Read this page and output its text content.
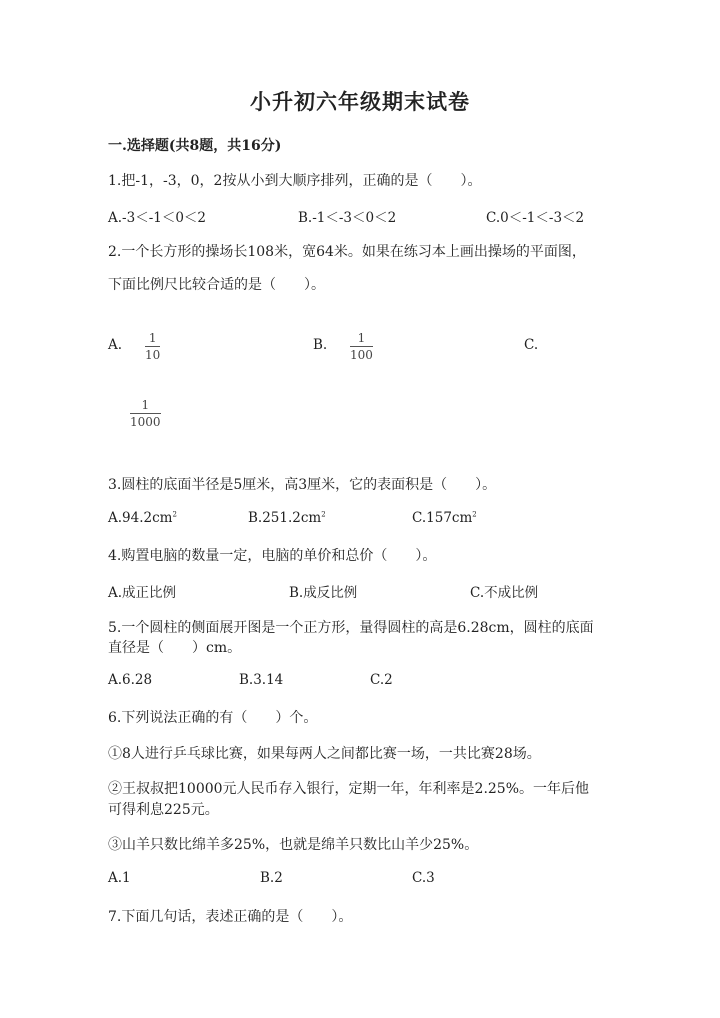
小升初六年级期末试卷
一.选择题(共8题，共16分)
1.把-1，-3，0，2按从小到大顺序排列，正确的是（　　）。
A.-3＜-1＜0＜2	B.-1＜-3＜0＜2	C.0＜-1＜-3＜2
2.一个长方形的操场长108米，宽64米。如果在练习本上画出操场的平面图，
下面比例尺比较合适的是（　　）。
A. 1
10
B.	1
100
C.
1
1000
3.圆柱的底面半径是5厘米，高3厘米，它的表面积是（　　）。
$A.94.2cm^2$	$B.251.2cm^2$	$C.157cm^2$
4.购置电脑的数量一定，电脑的单价和总价（　　）。
A.成正比例	B.成反比例	C.不成比例
5.一个圆柱的侧面展开图是一个正方形，量得圆柱的高是6.28cm，圆柱的底面
直径是（　　）cm。
A.6.28	B.3.14	C.2
6.下列说法正确的有（　　）个。
①8人进行乒乓球比赛，如果每两人之间都比赛一场，一共比赛28场。
②王叔叔把10000元人民币存入银行，定期一年，年利率是2.25%。一年后他
可得利息225元。
③山羊只数比绵羊多25%，也就是绵羊只数比山羊少25%。
A.1	B.2	C.3
7.下面几句话，表述正确的是（　　）。
